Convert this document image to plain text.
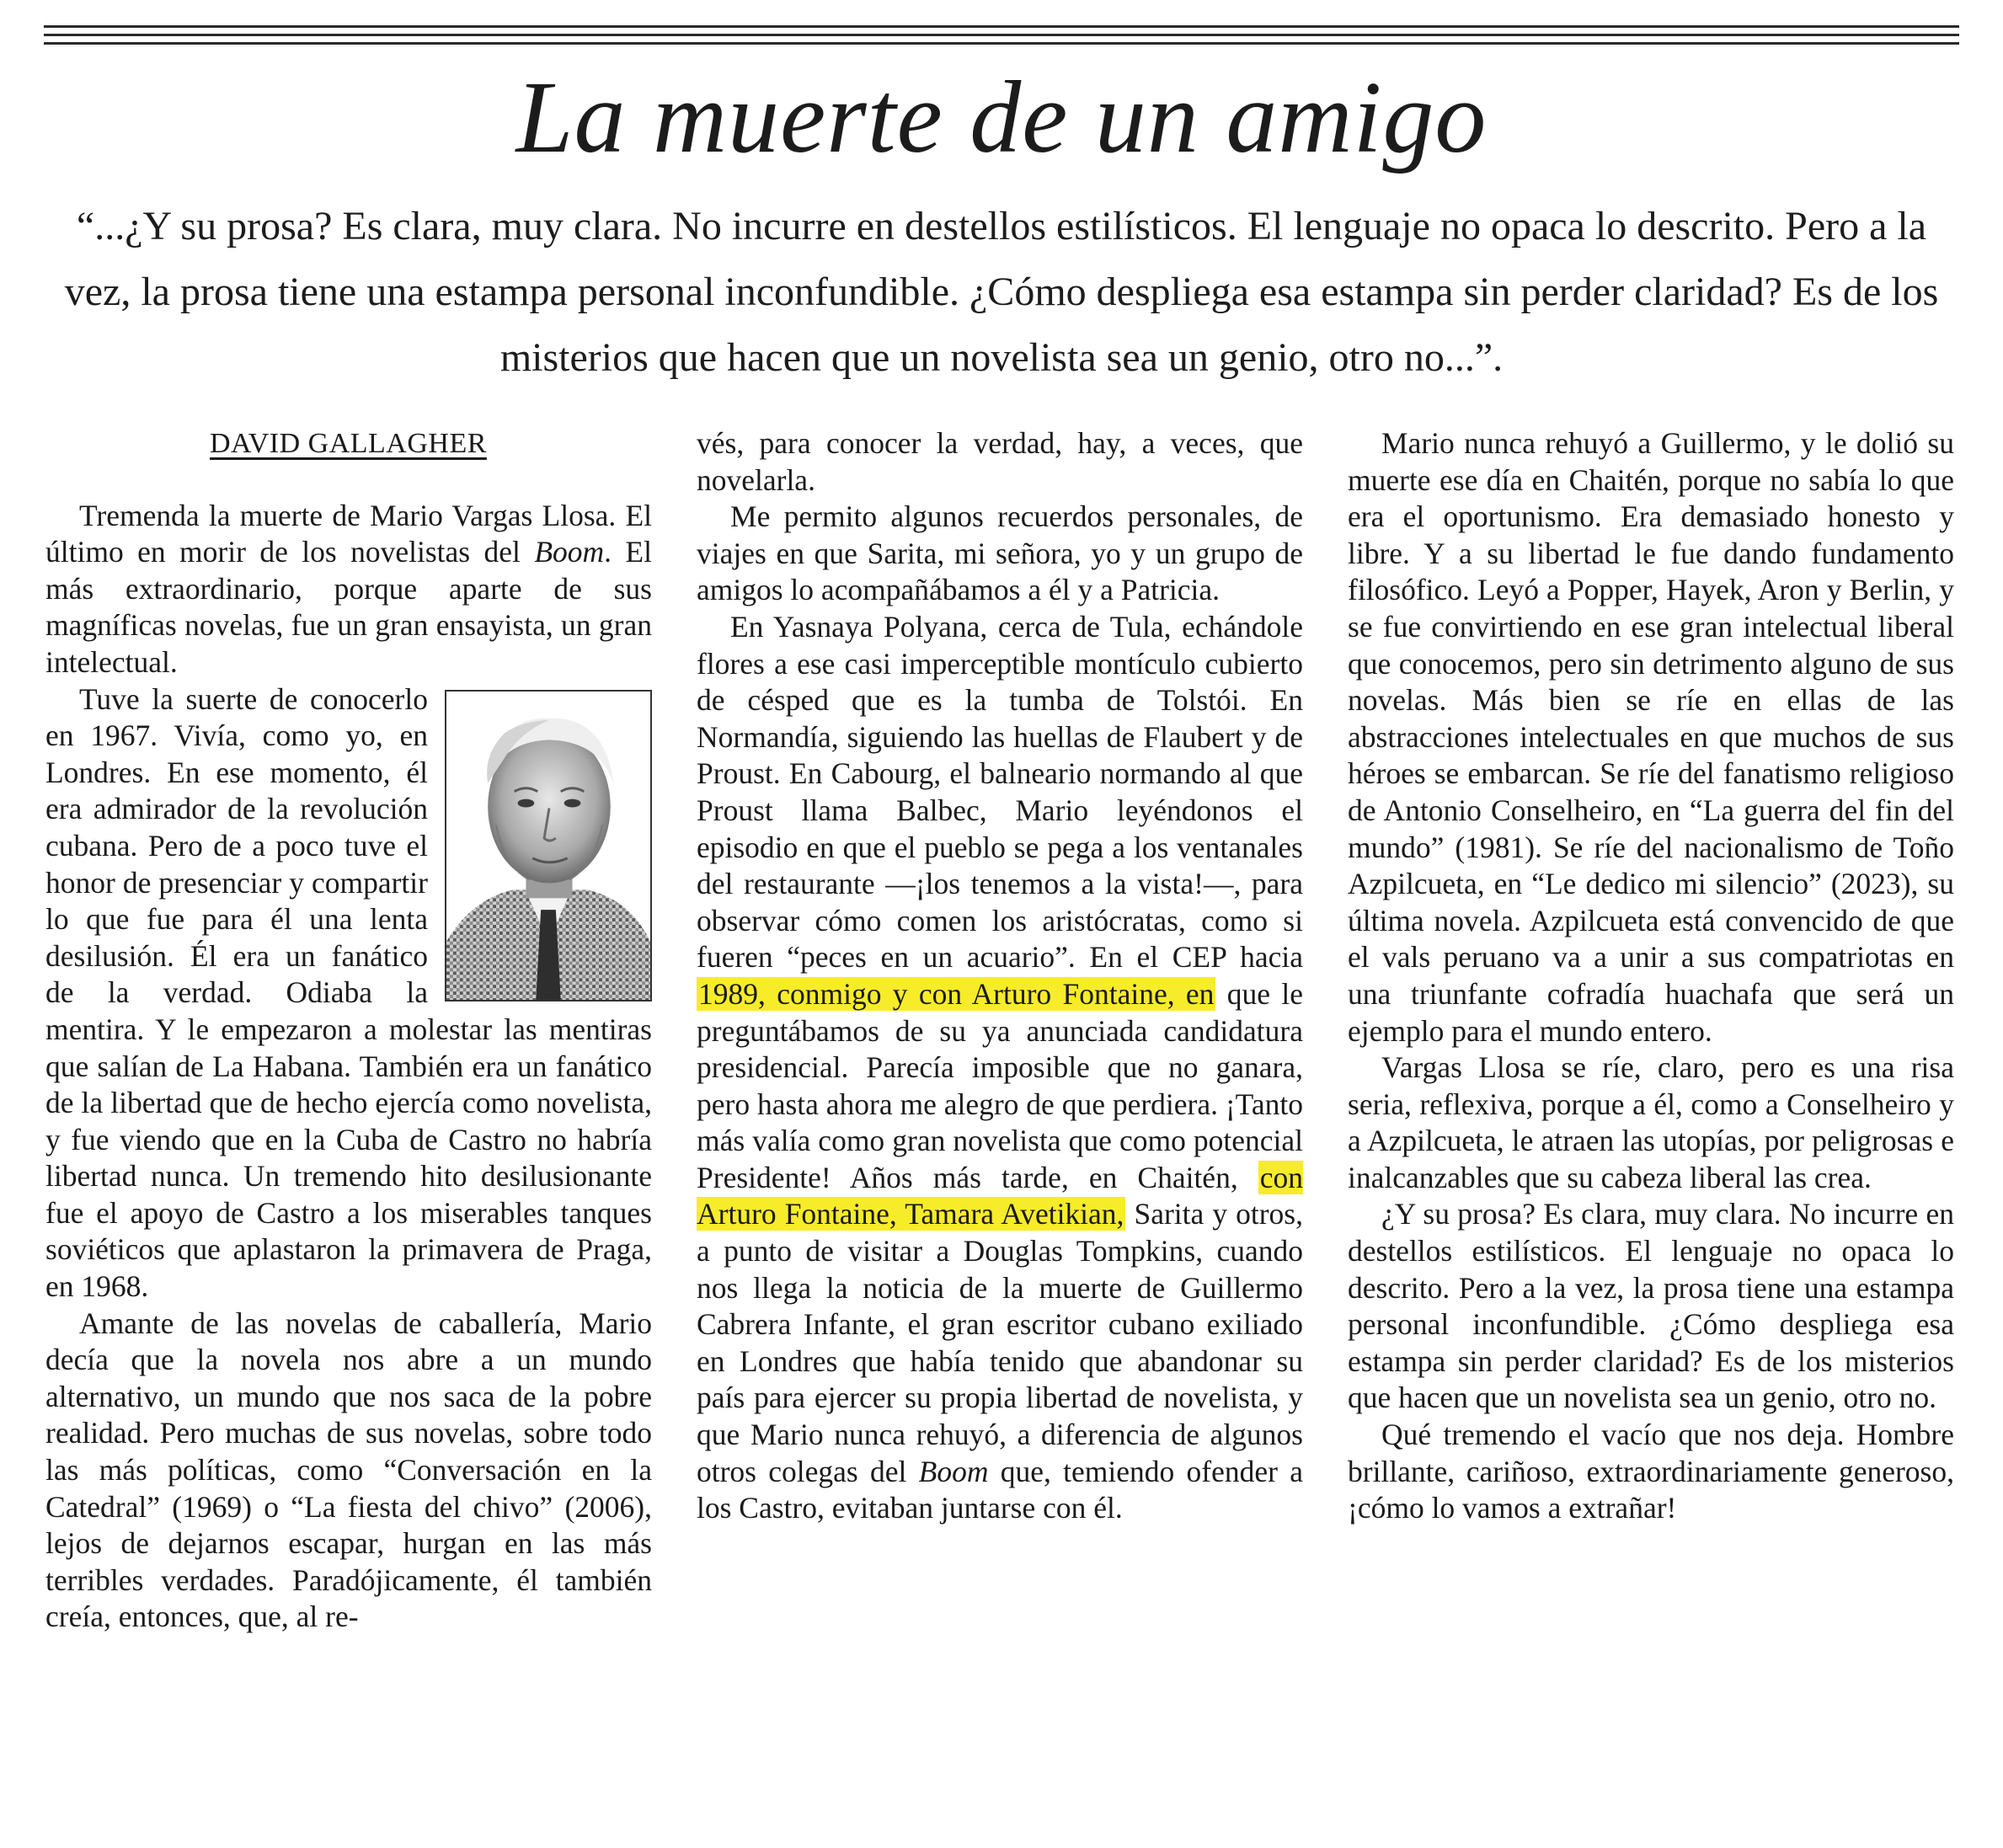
La muerte de un amigo
“...¿Y su prosa? Es clara, muy clara. No incurre en destellos estilísticos. El lenguaje no opaca lo descrito. Pero a la vez, la prosa tiene una estampa personal inconfundible. ¿Cómo despliega esa estampa sin perder claridad? Es de los misterios que hacen que un novelista sea un genio, otro no...”.

DAVID GALLAGHER

Tremenda la muerte de Mario Vargas Llosa. El último en morir de los novelistas del Boom. El más extraordinario, porque aparte de sus magníficas novelas, fue un gran ensayista, un gran intelectual.

Tuve la suerte de conocerlo en 1967. Vivía, como yo, en Londres. En ese momento, él era admirador de la revolución cubana. Pero de a poco tuve el honor de presenciar y compartir lo que fue para él una lenta desilusión. Él era un fanático de la verdad. Odiaba la mentira. Y le empezaron a molestar las mentiras que salían de La Habana. También era un fanático de la libertad que de hecho ejercía como novelista, y fue viendo que en la Cuba de Castro no habría libertad nunca. Un tremendo hito desilusionante fue el apoyo de Castro a los miserables tanques soviéticos que aplastaron la primavera de Praga, en 1968.

Amante de las novelas de caballería, Mario decía que la novela nos abre a un mundo alternativo, un mundo que nos saca de la pobre realidad. Pero muchas de sus novelas, sobre todo las más políticas, como “Conversación en la Catedral” (1969) o “La fiesta del chivo” (2006), lejos de dejarnos escapar, hurgan en las más terribles verdades. Paradójicamente, él también creía, entonces, que, al re-

vés, para conocer la verdad, hay, a veces, que novelarla.

Me permito algunos recuerdos personales, de viajes en que Sarita, mi señora, yo y un grupo de amigos lo acompañábamos a él y a Patricia.

En Yasnaya Polyana, cerca de Tula, echándole flores a ese casi imperceptible montículo cubierto de césped que es la tumba de Tolstói. En Normandía, siguiendo las huellas de Flaubert y de Proust. En Cabourg, el balneario normando al que Proust llama Balbec, Mario leyéndonos el episodio en que el pueblo se pega a los ventanales del restaurante —¡los tenemos a la vista!—, para observar cómo comen los aristócratas, como si fueren “peces en un acuario”. En el CEP hacia 1989, conmigo y con Arturo Fontaine, en que le preguntábamos de su ya anunciada candidatura presidencial. Parecía imposible que no ganara, pero hasta ahora me alegro de que perdiera. ¡Tanto más valía como gran novelista que como potencial Presidente! Años más tarde, en Chaitén, con Arturo Fontaine, Tamara Avetikian, Sarita y otros, a punto de visitar a Douglas Tompkins, cuando nos llega la noticia de la muerte de Guillermo Cabrera Infante, el gran escritor cubano exiliado en Londres que había tenido que abandonar su país para ejercer su propia libertad de novelista, y que Mario nunca rehuyó, a diferencia de algunos otros colegas del Boom que, temiendo ofender a los Castro, evitaban juntarse con él.

Mario nunca rehuyó a Guillermo, y le dolió su muerte ese día en Chaitén, porque no sabía lo que era el oportunismo. Era demasiado honesto y libre. Y a su libertad le fue dando fundamento filosófico. Leyó a Popper, Hayek, Aron y Berlin, y se fue convirtiendo en ese gran intelectual liberal que conocemos, pero sin detrimento alguno de sus novelas. Más bien se ríe en ellas de las abstracciones intelectuales en que muchos de sus héroes se embarcan. Se ríe del fanatismo religioso de Antonio Conselheiro, en “La guerra del fin del mundo” (1981). Se ríe del nacionalismo de Toño Azpilcueta, en “Le dedico mi silencio” (2023), su última novela. Azpilcueta está convencido de que el vals peruano va a unir a sus compatriotas en una triunfante cofradía huachafa que será un ejemplo para el mundo entero.

Vargas Llosa se ríe, claro, pero es una risa seria, reflexiva, porque a él, como a Conselheiro y a Azpilcueta, le atraen las utopías, por peligrosas e inalcanzables que su cabeza liberal las crea.

¿Y su prosa? Es clara, muy clara. No incurre en destellos estilísticos. El lenguaje no opaca lo descrito. Pero a la vez, la prosa tiene una estampa personal inconfundible. ¿Cómo despliega esa estampa sin perder claridad? Es de los misterios que hacen que un novelista sea un genio, otro no.

Qué tremendo el vacío que nos deja. Hombre brillante, cariñoso, extraordinariamente generoso, ¡cómo lo vamos a extrañar!
